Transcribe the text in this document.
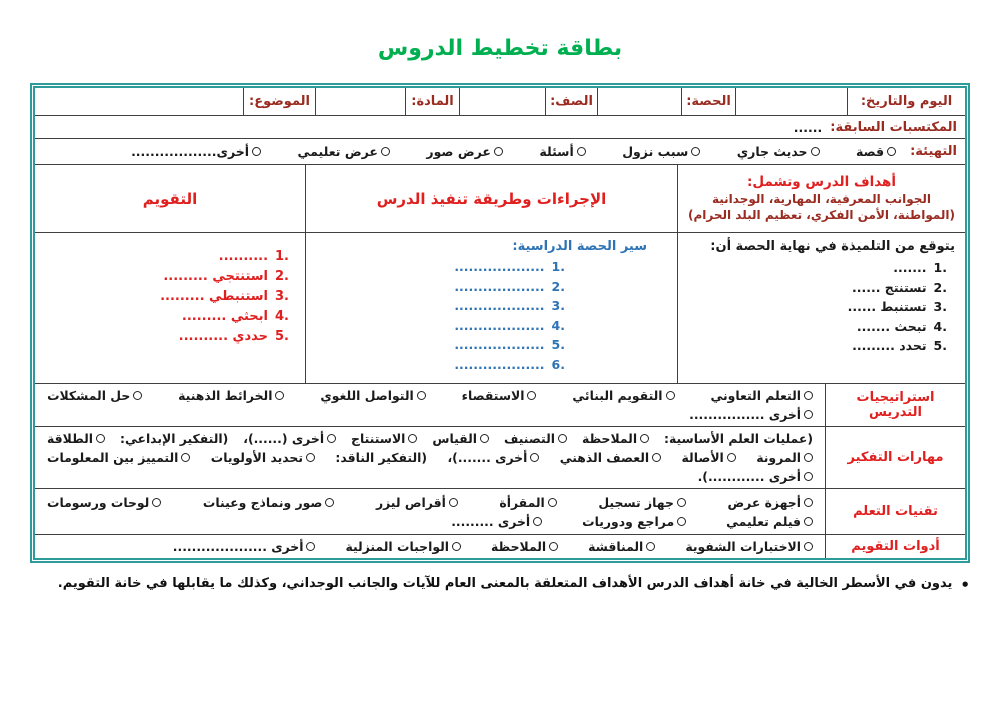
بطاقة تخطيط الدروس
اليوم والتاريخ:
الحصة:
الصف:
المادة:
الموضوع:
المكتسبات السابقة:
......
التهيئة:
قصة
حديث جاري
سبب نزول
أسئلة
عرض صور
عرض تعليمي
أخرى..................
أهداف الدرس وتشمل:
الجوانب المعرفية، المهارية، الوجدانية (المواطنة، الأمن الفكري، تعظيم البلد الحرام)
الإجراءات وطريقة تنفيذ الدرس
التقويم
يتوقع من التلميذة في نهاية الحصة أن:
1.
.......
2.
تستنتج ......
3.
تستنبط ......
4.
تبحث .......
5.
تحدد .........
سير الحصة الدراسية:
1.
...................
2.
...................
3.
...................
4.
...................
5.
...................
6.
...................
1.
..........
2.
استنتجي .........
3.
استنبطي .........
4.
ابحثي .........
5.
حددي ..........
استراتيجيات التدريس
التعلم التعاوني
التقويم البنائي
الاستقصاء
التواصل اللغوي
الخرائط الذهنية
حل المشكلات
أخرى ................
مهارات التفكير
(عمليات العلم الأساسية:
الملاحظة
التصنيف
القياس
الاستنتاج
أخرى (......)،
(التفكير الإبداعي:
الطلاقة
المرونة
الأصالة
العصف الذهني
أخرى .......)،
(التفكير الناقد:
تحديد الأولويات
التمييز بين المعلومات
أخرى ............).
تقنيات التعلم
أجهزة عرض
جهاز تسجيل
المقرأة
أقراص ليزر
صور ونماذج وعينات
لوحات ورسومات
فيلم تعليمي
مراجع ودوريات
أخرى .........
أدوات التقويم
الاختبارات الشفوية
المناقشة
الملاحظة
الواجبات المنزلية
أخرى ....................
•
يدون في الأسطر الخالية في خانة أهداف الدرس الأهداف المتعلقة بالمعنى العام للآيات والجانب الوجداني، وكذلك ما يقابلها في خانة التقويم.
